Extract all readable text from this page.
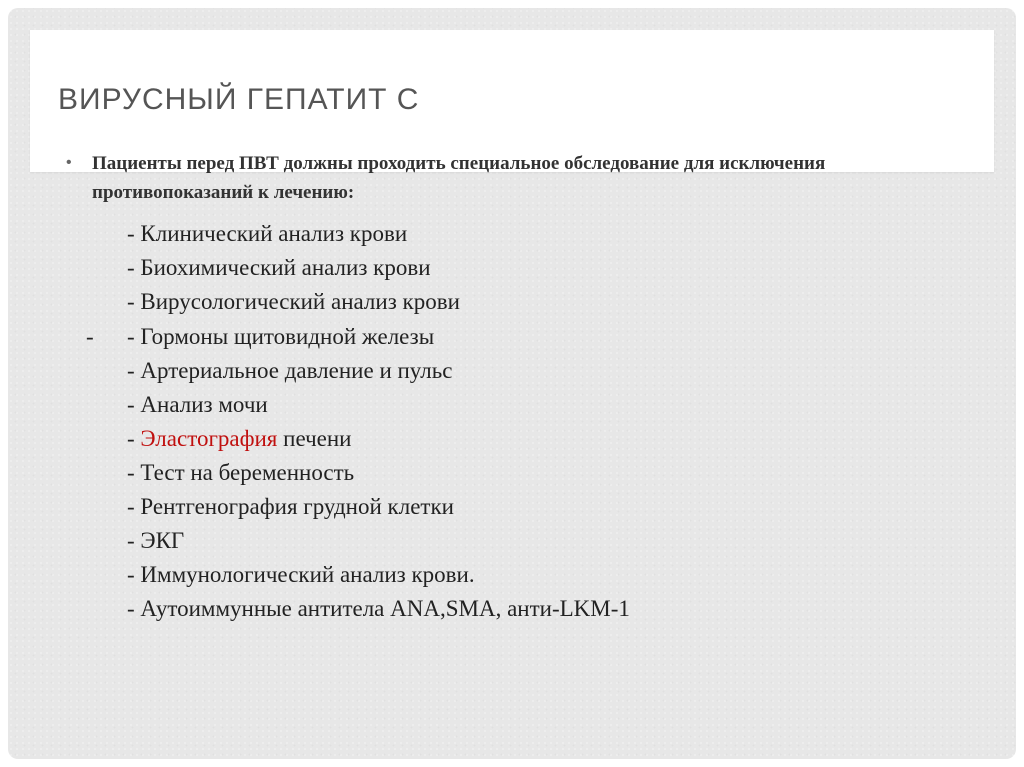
ВИРУСНЫЙ ГЕПАТИТ С
•	Пациенты перед ПВТ должны проходить специальное обследование для исключения противопоказаний к лечению:

-
- Клинический анализ крови
- Биохимический анализ крови
- Вирусологический анализ крови
- Гормоны щитовидной железы
- Артериальное давление и пульс
- Анализ мочи
- Эластография печени
- Тест на беременность
- Рентгенография грудной клетки
- ЭКГ
- Иммунологический анализ крови.
- Аутоиммунные антитела ANA,SMA, анти-LKM-1
